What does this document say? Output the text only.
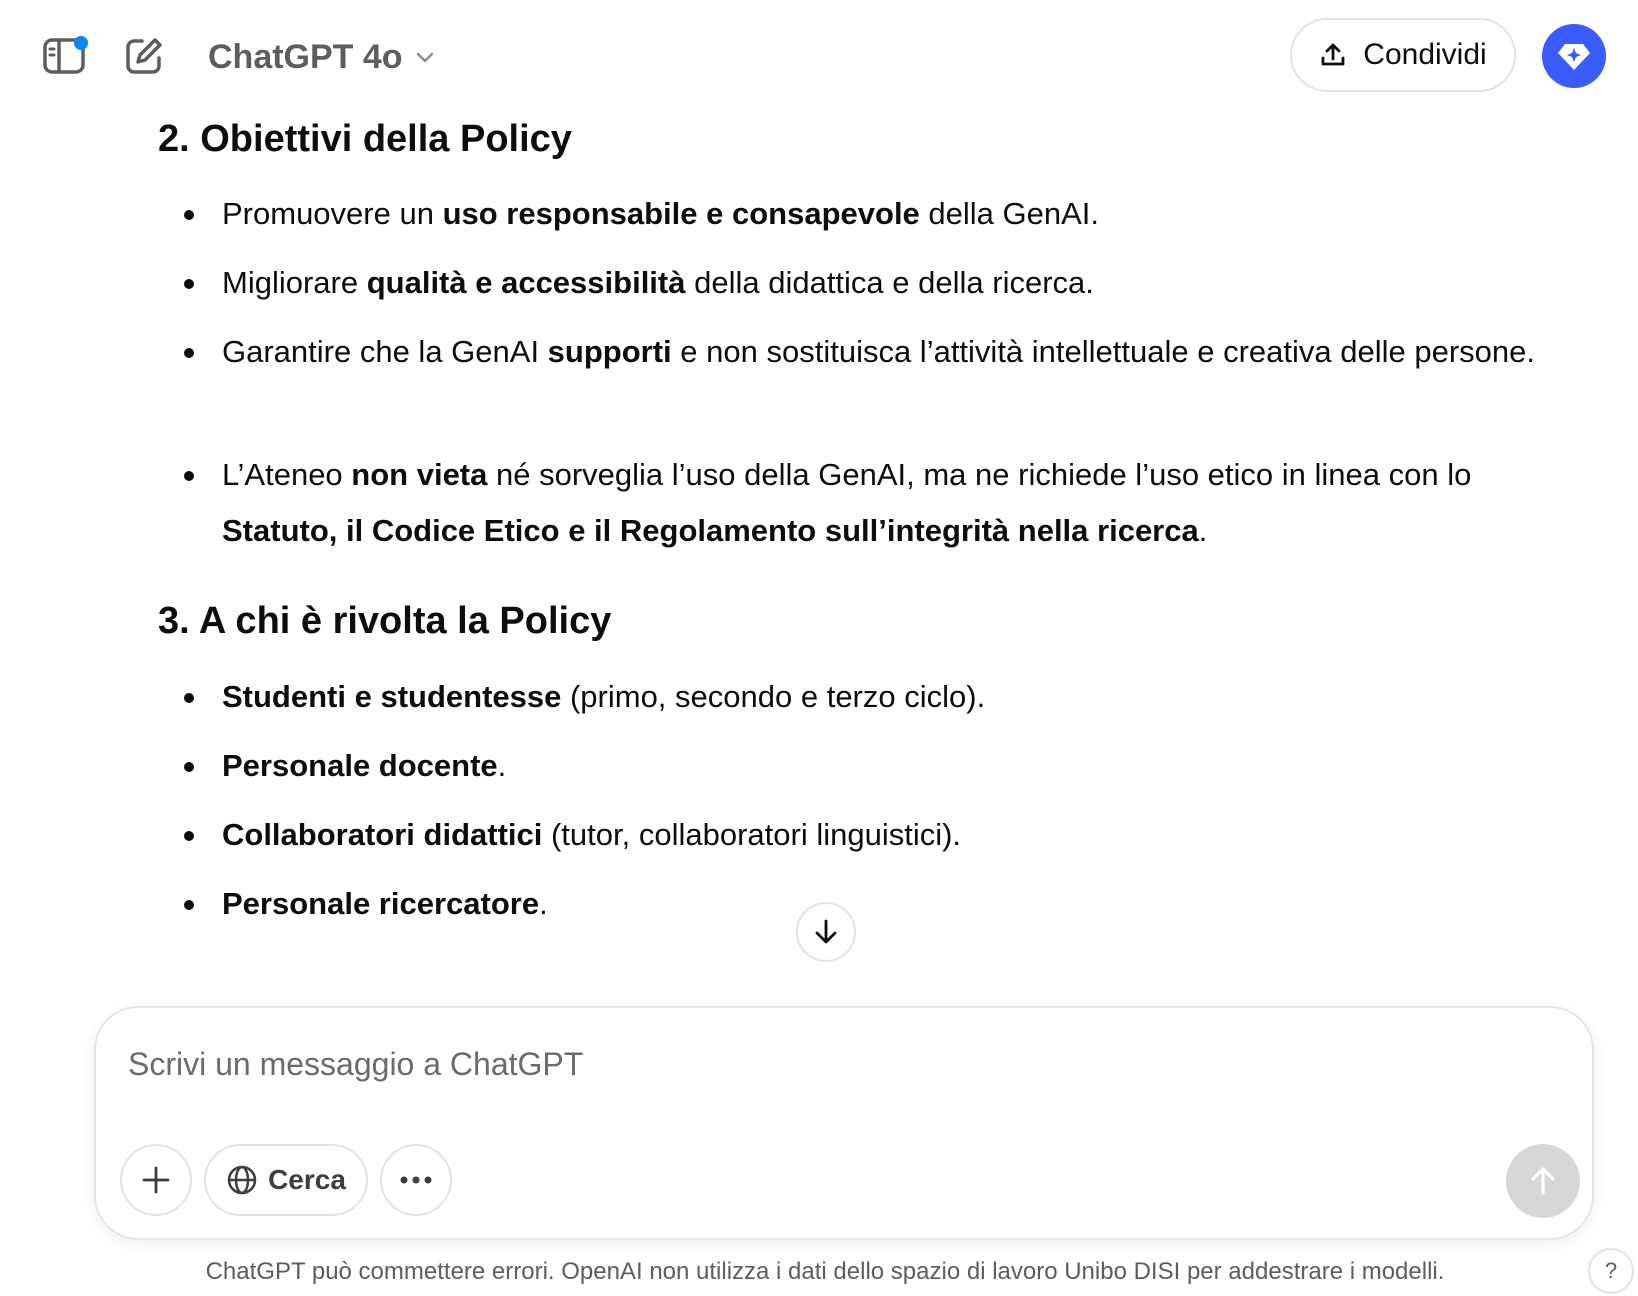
ChatGPT 4o	Condividi
2. Obiettivi della Policy
Promuovere un uso responsabile e consapevole della GenAI.
Migliorare qualità e accessibilità della didattica e della ricerca.
Garantire che la GenAI supporti e non sostituisca l’attività intellettuale e creativa delle persone.
L’Ateneo non vieta né sorveglia l’uso della GenAI, ma ne richiede l’uso etico in linea con lo Statuto, il Codice Etico e il Regolamento sull’integrità nella ricerca.
3. A chi è rivolta la Policy
Studenti e studentesse (primo, secondo e terzo ciclo).
Personale docente.
Collaboratori didattici (tutor, collaboratori linguistici).
Personale ricercatore.
Scrivi un messaggio a ChatGPT
Cerca
ChatGPT può commettere errori. OpenAI non utilizza i dati dello spazio di lavoro Unibo DISI per addestrare i modelli.	?
